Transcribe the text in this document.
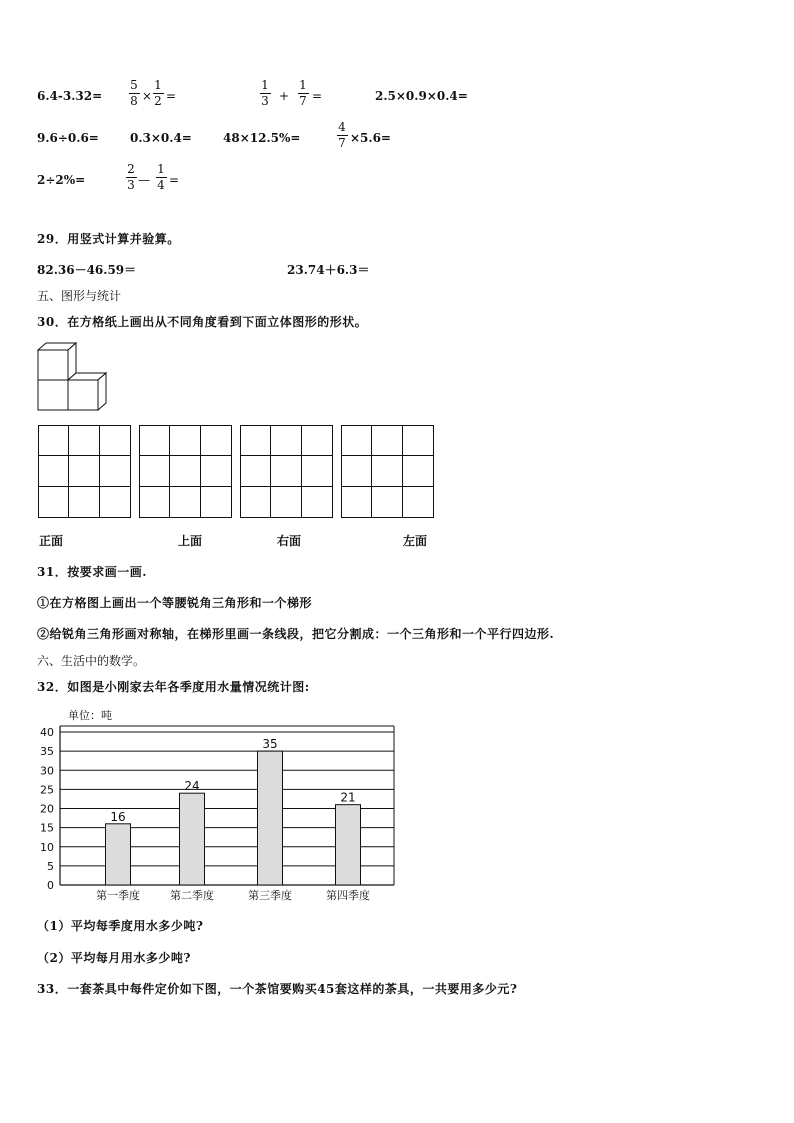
6.4-3.32=
5
8 ×
1
2 =
1
3 +
1
7 =	2.5×0.9×0.4=
9.6÷0.6=	0.3×0.4=	48×12.5%=
4
7 ×5.6=
2÷2%=
2
3 —
1
4 =
29．用竖式计算并验算。
82.36－46.59＝	23.74＋6.3＝
五、图形与统计
30．在方格纸上画出从不同角度看到下面立体图形的形状。
正面	上面	右面	左面
31．按要求画一画.
①在方格图上画出一个等腰锐角三角形和一个梯形
②给锐角三角形画对称轴，在梯形里画一条线段，把它分割成：一个三角形和一个平行四边形.
六、生活中的数学。
32．如图是小刚家去年各季度用水量情况统计图:
单位：吨
0
5
10
15
20
25
30
35
40
16
第一季度
24
第二季度
35
第三季度
21
第四季度
（1）平均每季度用水多少吨?
（2）平均每月用水多少吨?
33．一套茶具中每件定价如下图，一个茶馆要购买45套这样的茶具，一共要用多少元?
